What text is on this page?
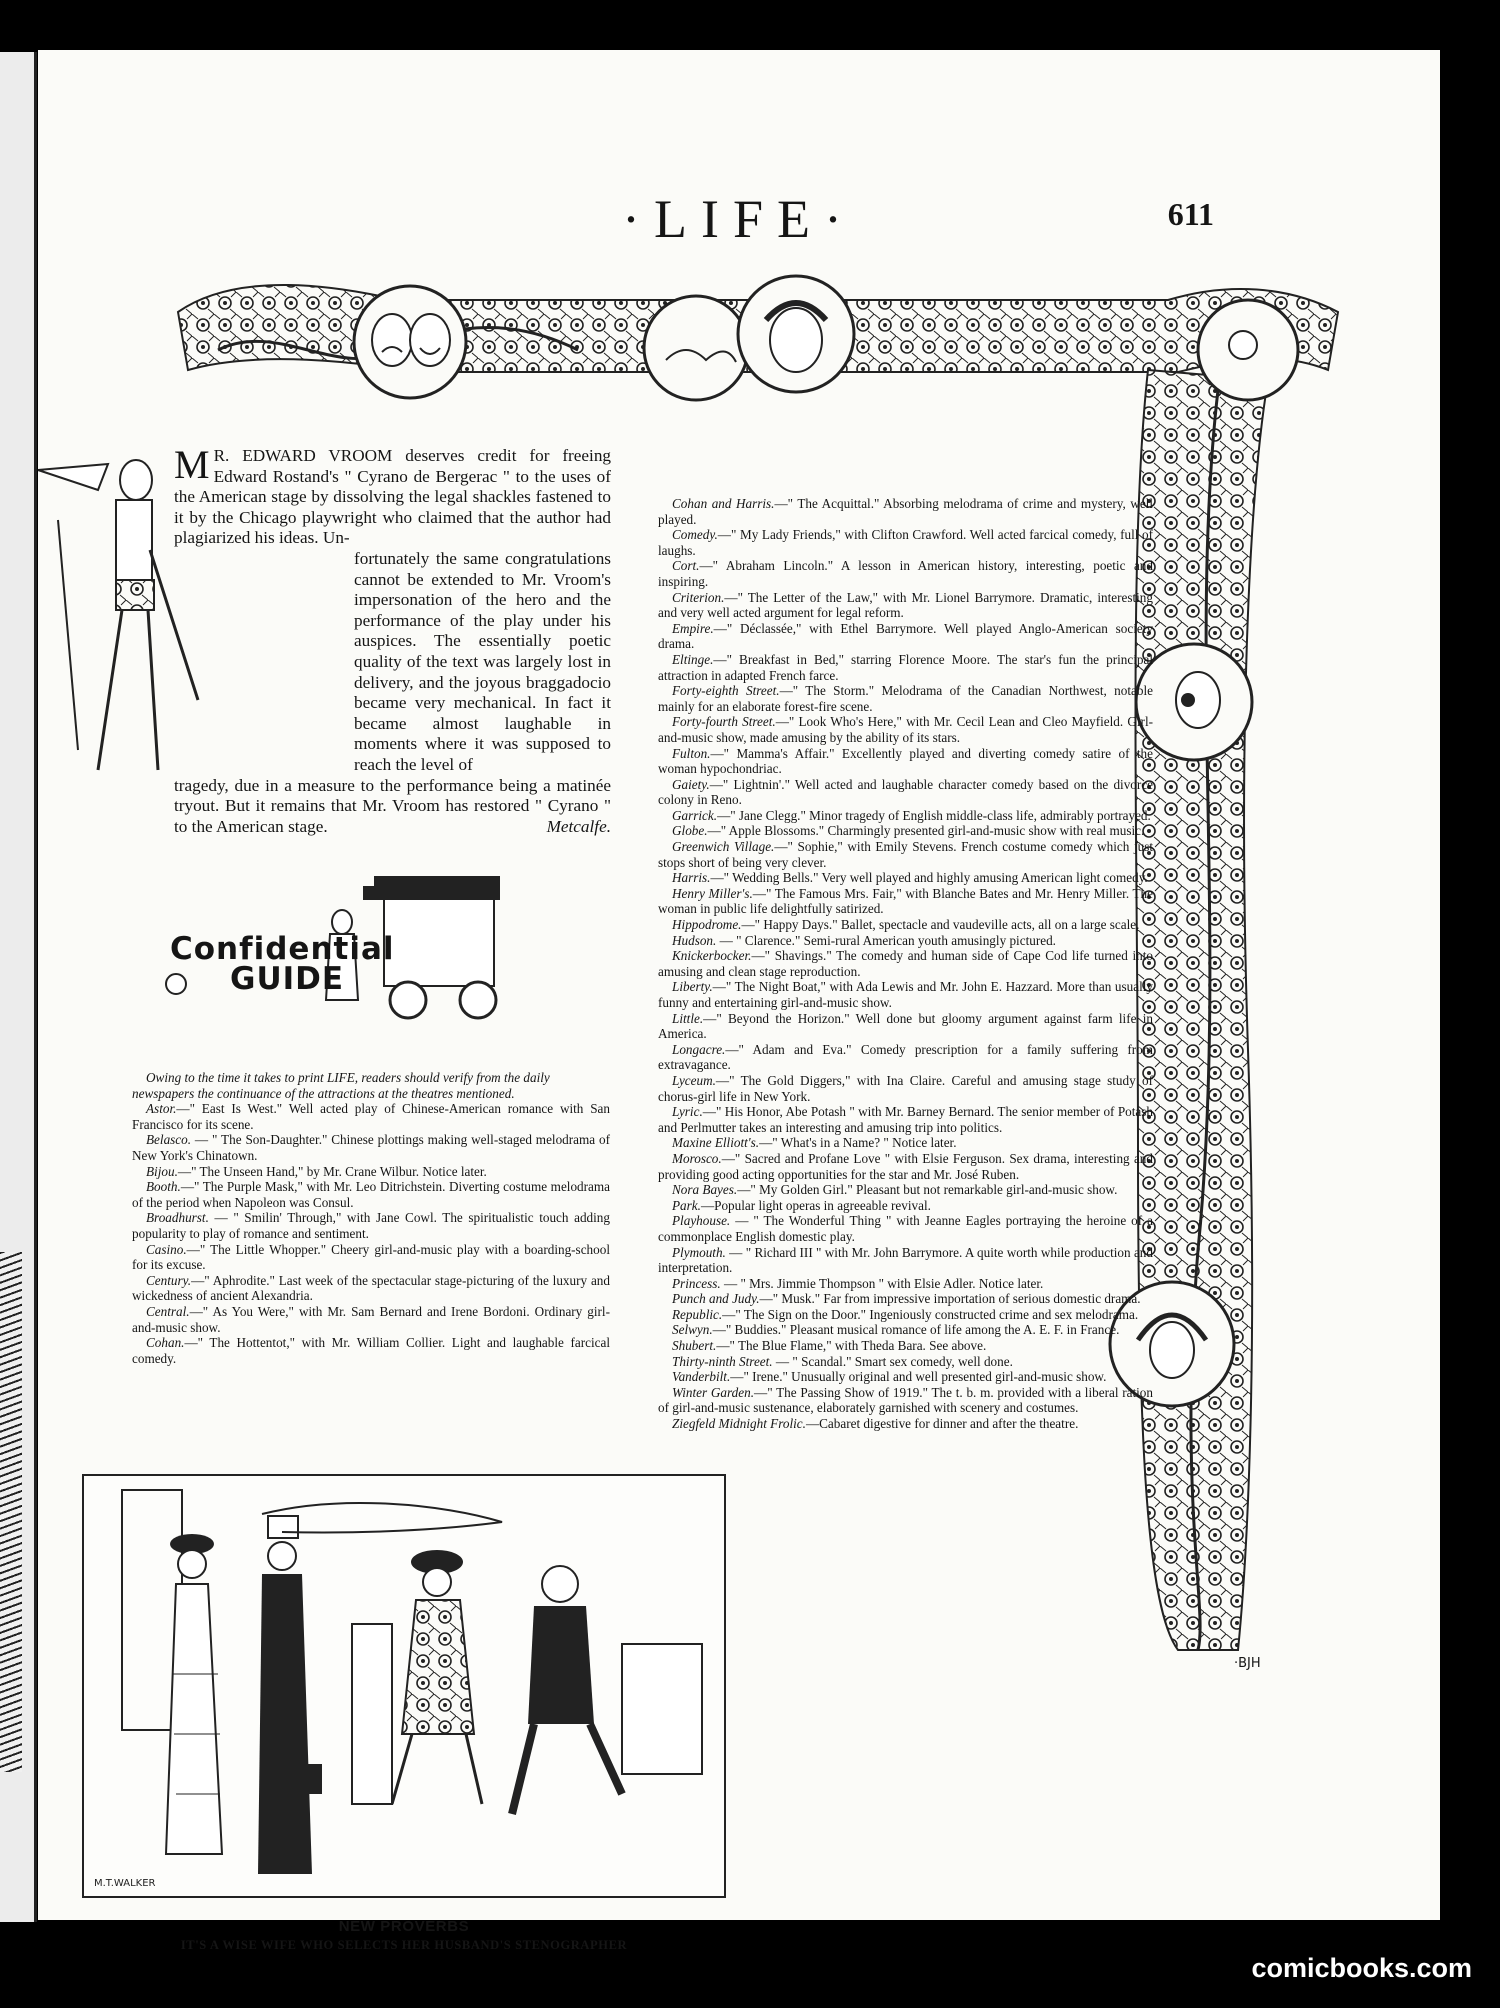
·LIFE·	611
·BJH
M R. EDWARD VROOM deserves credit for freeing Edward Rostand's " Cyrano de Bergerac " to the uses of the American stage by dissolving the legal shackles fastened to it by the Chicago playwright who claimed that the author had plagiarized his ideas. Un-
fortunately the same congratulations cannot be extended to Mr. Vroom's impersonation of the hero and the performance of the play under his auspices. The essentially poetic quality of the text was largely lost in delivery, and the joyous braggadocio became very mechanical. In fact it became almost laughable in moments where it was supposed to reach the level of
tragedy, due in a measure to the performance being a matinée tryout. But it remains that Mr. Vroom has restored " Cyrano " to the American stage.	Metcalfe.
Confidential
GUIDE
Owing to the time it takes to print LIFE, readers should verify from the daily newspapers the continuance of the attractions at the theatres mentioned.
Astor.—" East Is West." Well acted play of Chinese-American romance with San Francisco for its scene.
Belasco. — " The Son-Daughter." Chinese plottings making well-staged melodrama of New York's Chinatown.
Bijou.—" The Unseen Hand," by Mr. Crane Wilbur. Notice later.
Booth.—" The Purple Mask," with Mr. Leo Ditrichstein. Diverting costume melodrama of the period when Napoleon was Consul.
Broadhurst. — " Smilin' Through," with Jane Cowl. The spiritualistic touch adding popularity to play of romance and sentiment.
Casino.—" The Little Whopper." Cheery girl-and-music play with a boarding-school for its excuse.
Century.—" Aphrodite." Last week of the spectacular stage-picturing of the luxury and wickedness of ancient Alexandria.
Central.—" As You Were," with Mr. Sam Bernard and Irene Bordoni. Ordinary girl-and-music show.
Cohan.—" The Hottentot," with Mr. William Collier. Light and laughable farcical comedy.
Cohan and Harris.—" The Acquittal." Absorbing melodrama of crime and mystery, well played.
Comedy.—" My Lady Friends," with Clifton Crawford. Well acted farcical comedy, full of laughs.
Cort.—" Abraham Lincoln." A lesson in American history, interesting, poetic and inspiring.
Criterion.—" The Letter of the Law," with Mr. Lionel Barrymore. Dramatic, interesting and very well acted argument for legal reform.
Empire.—" Déclassée," with Ethel Barrymore. Well played Anglo-American society drama.
Eltinge.—" Breakfast in Bed," starring Florence Moore. The star's fun the principal attraction in adapted French farce.
Forty-eighth Street.—" The Storm." Melodrama of the Canadian Northwest, notable mainly for an elaborate forest-fire scene.
Forty-fourth Street.—" Look Who's Here," with Mr. Cecil Lean and Cleo Mayfield. Girl-and-music show, made amusing by the ability of its stars.
Fulton.—" Mamma's Affair." Excellently played and diverting comedy satire of the woman hypochondriac.
Gaiety.—" Lightnin'." Well acted and laughable character comedy based on the divorce colony in Reno.
Garrick.—" Jane Clegg." Minor tragedy of English middle-class life, admirably portrayed.
Globe.—" Apple Blossoms." Charmingly presented girl-and-music show with real music.
Greenwich Village.—" Sophie," with Emily Stevens. French costume comedy which just stops short of being very clever.
Harris.—" Wedding Bells." Very well played and highly amusing American light comedy.
Henry Miller's.—" The Famous Mrs. Fair," with Blanche Bates and Mr. Henry Miller. The woman in public life delightfully satirized.
Hippodrome.—" Happy Days." Ballet, spectacle and vaudeville acts, all on a large scale.
Hudson. — " Clarence." Semi-rural American youth amusingly pictured.
Knickerbocker.—" Shavings." The comedy and human side of Cape Cod life turned into amusing and clean stage reproduction.
Liberty.—" The Night Boat," with Ada Lewis and Mr. John E. Hazzard. More than usually funny and entertaining girl-and-music show.
Little.—" Beyond the Horizon." Well done but gloomy argument against farm life in America.
Longacre.—" Adam and Eva." Comedy prescription for a family suffering from extravagance.
Lyceum.—" The Gold Diggers," with Ina Claire. Careful and amusing stage study of chorus-girl life in New York.
Lyric.—" His Honor, Abe Potash " with Mr. Barney Bernard. The senior member of Potash and Perlmutter takes an interesting and amusing trip into politics.
Maxine Elliott's.—" What's in a Name? " Notice later.
Morosco.—" Sacred and Profane Love " with Elsie Ferguson. Sex drama, interesting and providing good acting opportunities for the star and Mr. José Ruben.
Nora Bayes.—" My Golden Girl." Pleasant but not remarkable girl-and-music show.
Park.—Popular light operas in agreeable revival.
Playhouse. — " The Wonderful Thing " with Jeanne Eagles portraying the heroine of a commonplace English domestic play.
Plymouth. — " Richard III " with Mr. John Barrymore. A quite worth while production and interpretation.
Princess. — " Mrs. Jimmie Thompson " with Elsie Adler. Notice later.
Punch and Judy.—" Musk." Far from impressive importation of serious domestic drama.
Republic.—" The Sign on the Door." Ingeniously constructed crime and sex melodrama.
Selwyn.—" Buddies." Pleasant musical romance of life among the A. E. F. in France.
Shubert.—" The Blue Flame," with Theda Bara. See above.
Thirty-ninth Street. — " Scandal." Smart sex comedy, well done.
Vanderbilt.—" Irene." Unusually original and well presented girl-and-music show.
Winter Garden.—" The Passing Show of 1919." The t. b. m. provided with a liberal ration of girl-and-music sustenance, elaborately garnished with scenery and costumes.
Ziegfeld Midnight Frolic.—Cabaret digestive for dinner and after the theatre.
M.T.WALKER
NEW PROVERBS
IT'S A WISE WIFE WHO SELECTS HER HUSBAND'S STENOGRAPHER
comicbooks.com
